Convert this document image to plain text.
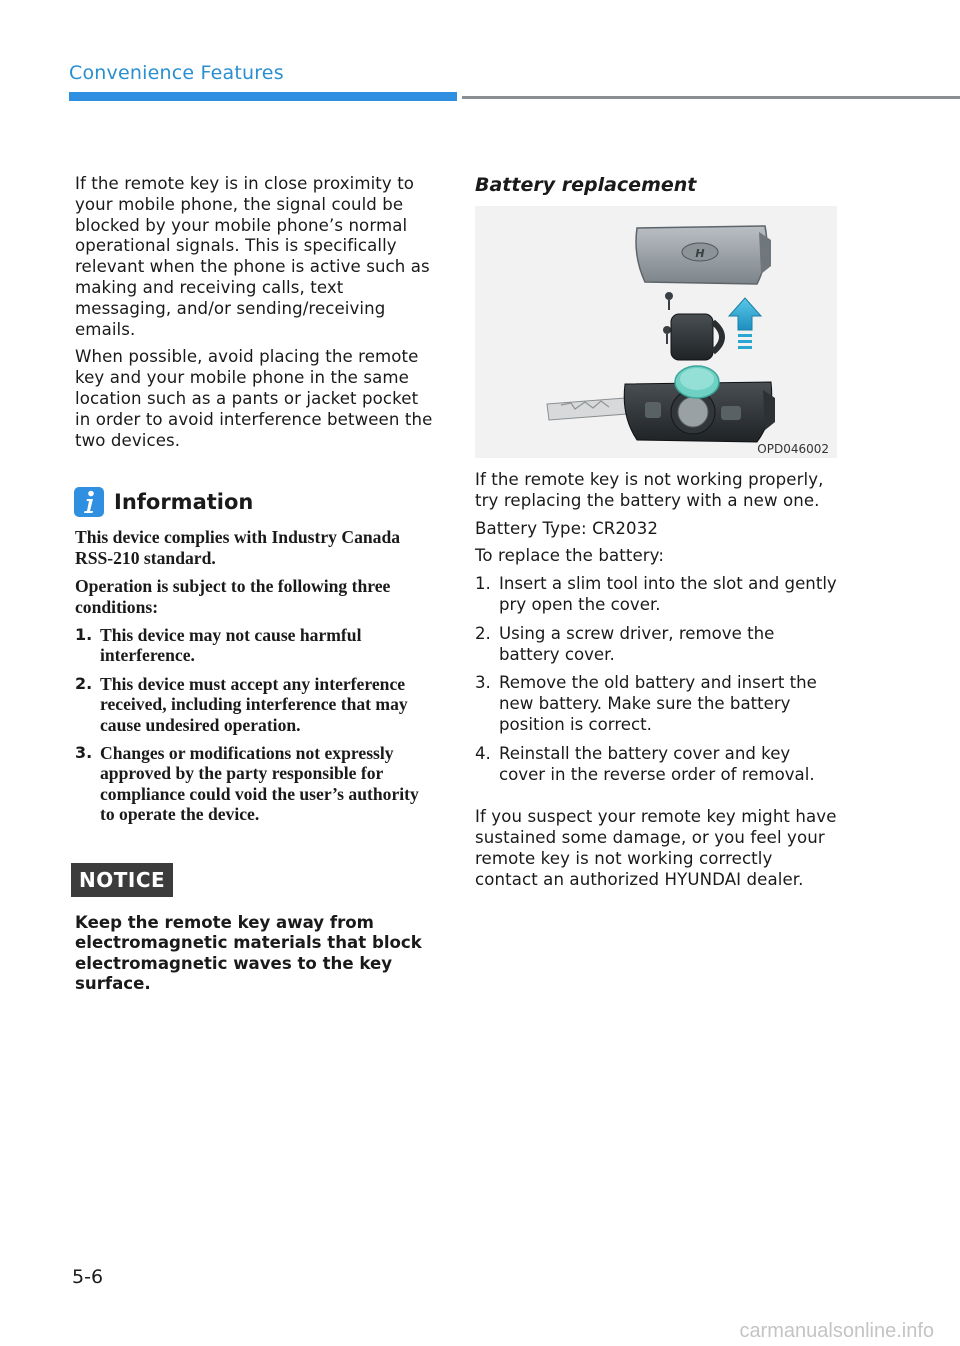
Convenience Features

If the remote key is in close proximity to your mobile phone, the signal could be blocked by your mobile phone’s normal operational signals. This is specifically relevant when the phone is active such as making and receiving calls, text messaging, and/or sending/receiving emails.

When possible, avoid placing the remote key and your mobile phone in the same location such as a pants or jacket pocket in order to avoid interference between the two devices.

Information

This device complies with Industry Canada RSS-210 standard.

Operation is subject to the following three conditions:

1. This device may not cause harmful interference.
2. This device must accept any interference received, including interference that may cause undesired operation.
3. Changes or modifications not expressly approved by the party responsible for compliance could void the user’s authority to operate the device.
NOTICE

Keep the remote key away from electromagnetic materials that block electromagnetic waves to the key surface.

Battery replacement
H
OPD046002

If the remote key is not working properly, try replacing the battery with a new one.

Battery Type: CR2032

To replace the battery:

1. Insert a slim tool into the slot and gently pry open the cover.
2. Using a screw driver, remove the battery cover.
3. Remove the old battery and insert the new battery. Make sure the battery position is correct.
4. Reinstall the battery cover and key cover in the reverse order of removal.

If you suspect your remote key might have sustained some damage, or you feel your remote key is not working correctly contact an authorized HYUNDAI dealer.

5-6
carmanualsonline.info
